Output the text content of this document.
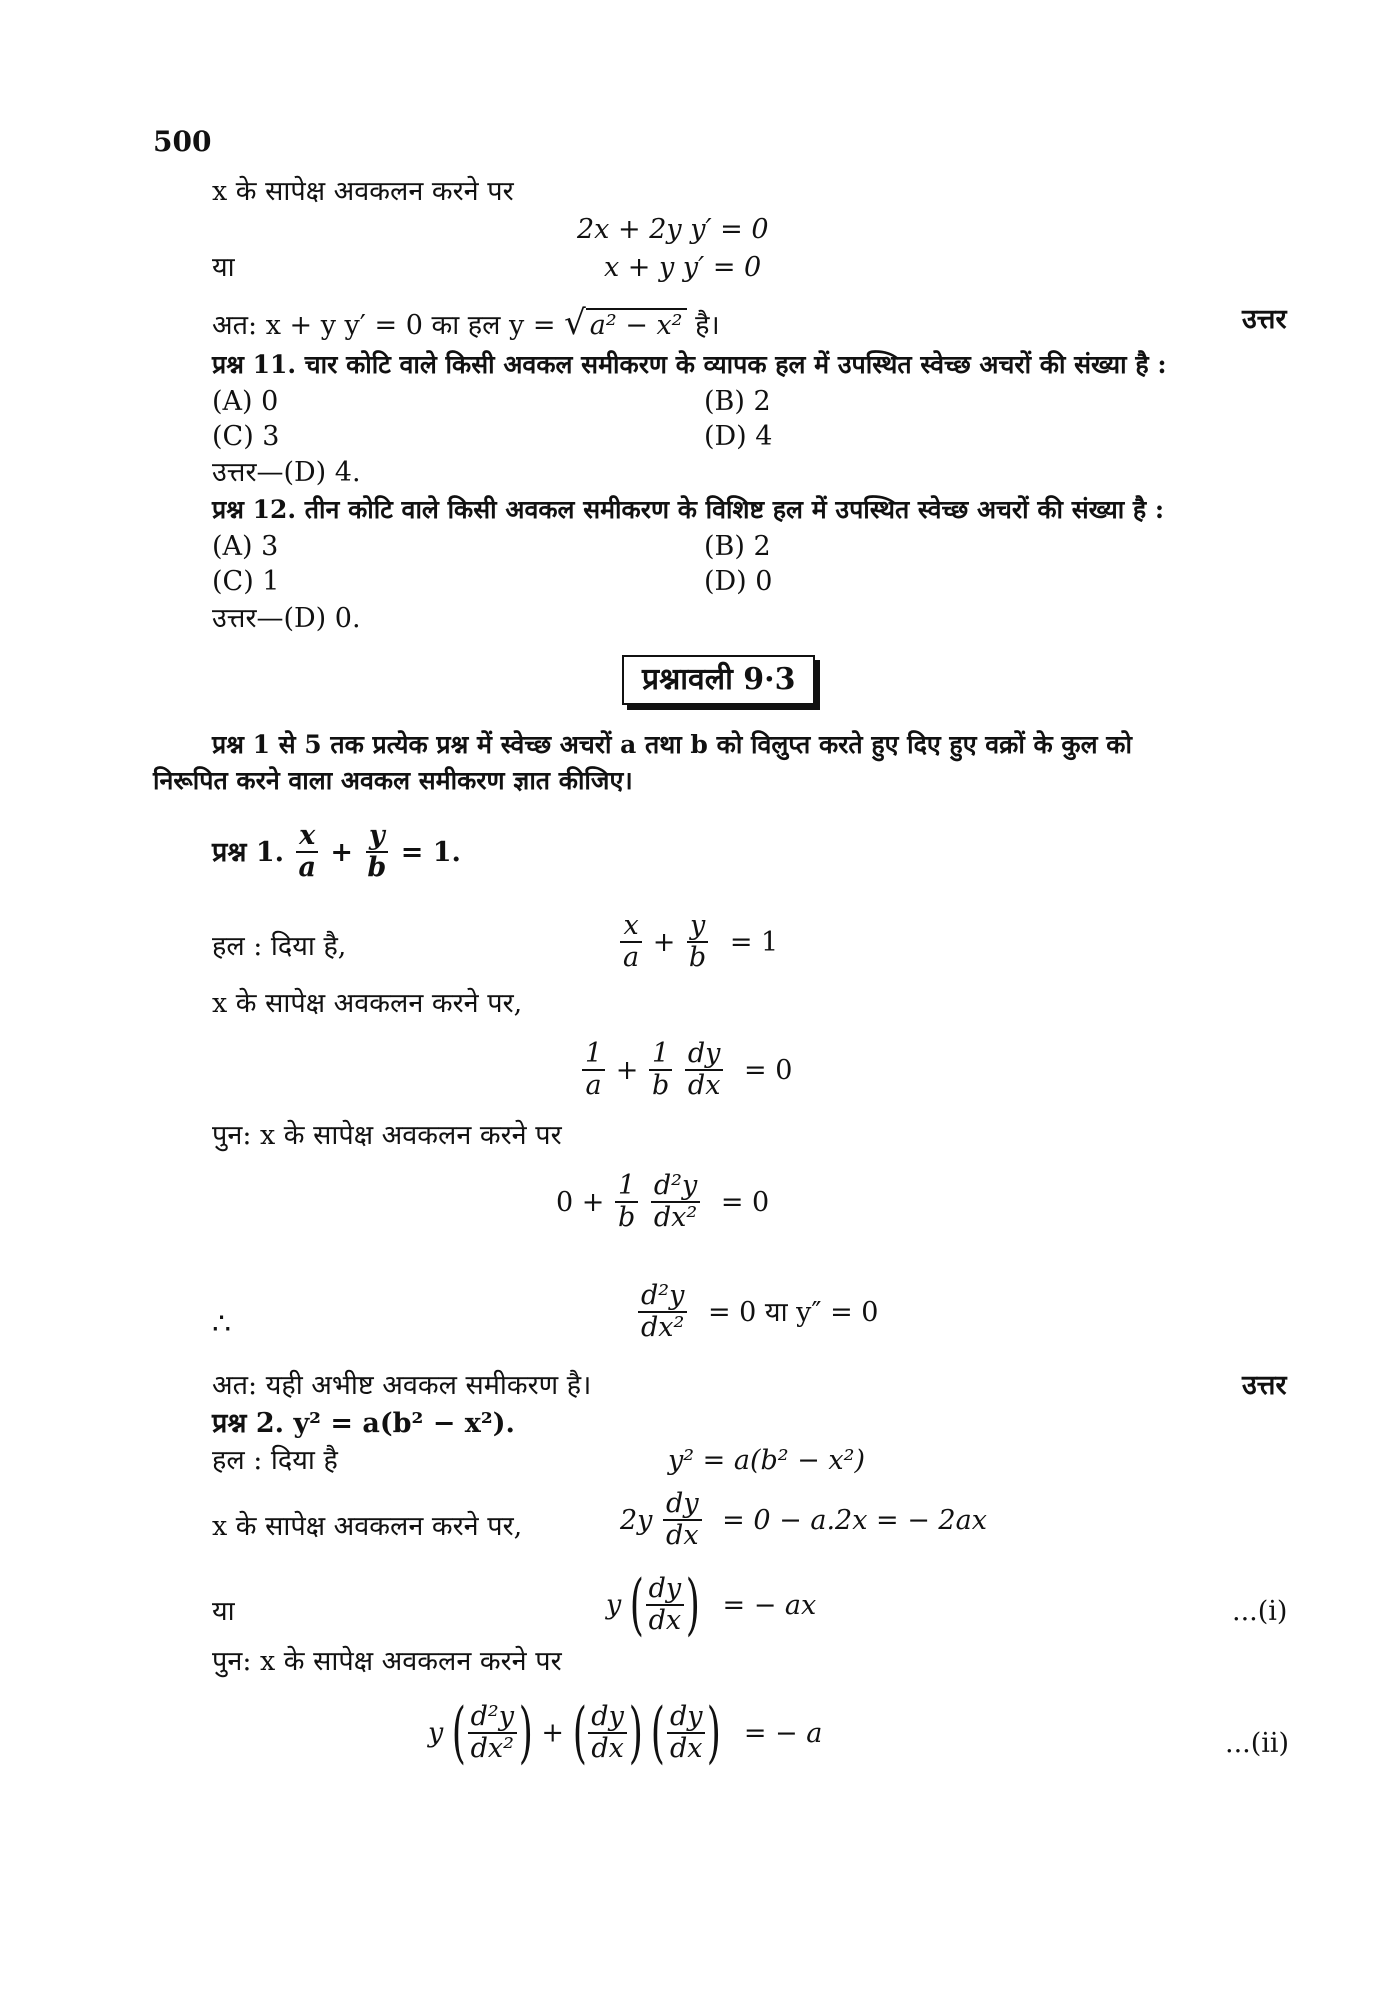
500
x के सापेक्ष अवकलन करने पर
2x + 2y y′ = 0
या	x + y y′ = 0
अत: x + y y′ = 0 का हल y = √ a² − x² है।	उत्तर
प्रश्न 11. चार कोटि वाले किसी अवकल समीकरण के व्यापक हल में उपस्थित स्वेच्छ अचरों की संख्या है :
(A) 0	(B) 2
(C) 3	(D) 4
उत्तर—(D) 4.
प्रश्न 12. तीन कोटि वाले किसी अवकल समीकरण के विशिष्ट हल में उपस्थित स्वेच्छ अचरों की संख्या है :
(A) 3	(B) 2
(C) 1	(D) 0
उत्तर—(D) 0.
प्रश्नावली 9·3
प्रश्न 1 से 5 तक प्रत्येक प्रश्न में स्वेच्छ अचरों a तथा b को विलुप्त करते हुए दिए हुए वक्रों के कुल को
निरूपित करने वाला अवकल समीकरण ज्ञात कीजिए।
प्रश्न 1. $\frac{x}{a} + \frac{y}{b} = 1$.
हल : दिया है,	$\frac{x}{a} + \frac{y}{b} = 1$
x के सापेक्ष अवकलन करने पर,
$\frac{1}{a} + \frac{1}{b}$
$\frac{dy}{dx} = 0$
पुन: x के सापेक्ष अवकलन करने पर
$0 + \frac{1}{b}$
$\frac{\text{d²y}}{\text{dx²}} = 0$
∴	$\frac{\text{d²y}}{\text{dx²}} = 0$ या y″ = 0
अत: यही अभीष्ट अवकल समीकरण है।	उत्तर
प्रश्न 2. y² = a(b² − x²).
हल : दिया है	y² = a(b² − x²)
x के सापेक्ष अवकलन करने पर,	$2y \frac{dy}{dx} = 0 - a.2x$ = − 2ax
या	y ( $\frac{dy}{dx}$ ) = − ax	...(i)
पुन: x के सापेक्ष अवकलन करने पर
y ( $\frac{\text{d²y}}{\text{dx²}}$ ) + ( $\frac{dy}{dx}$ ) ( $\frac{dy}{dx}$ ) = − a	...(ii)
